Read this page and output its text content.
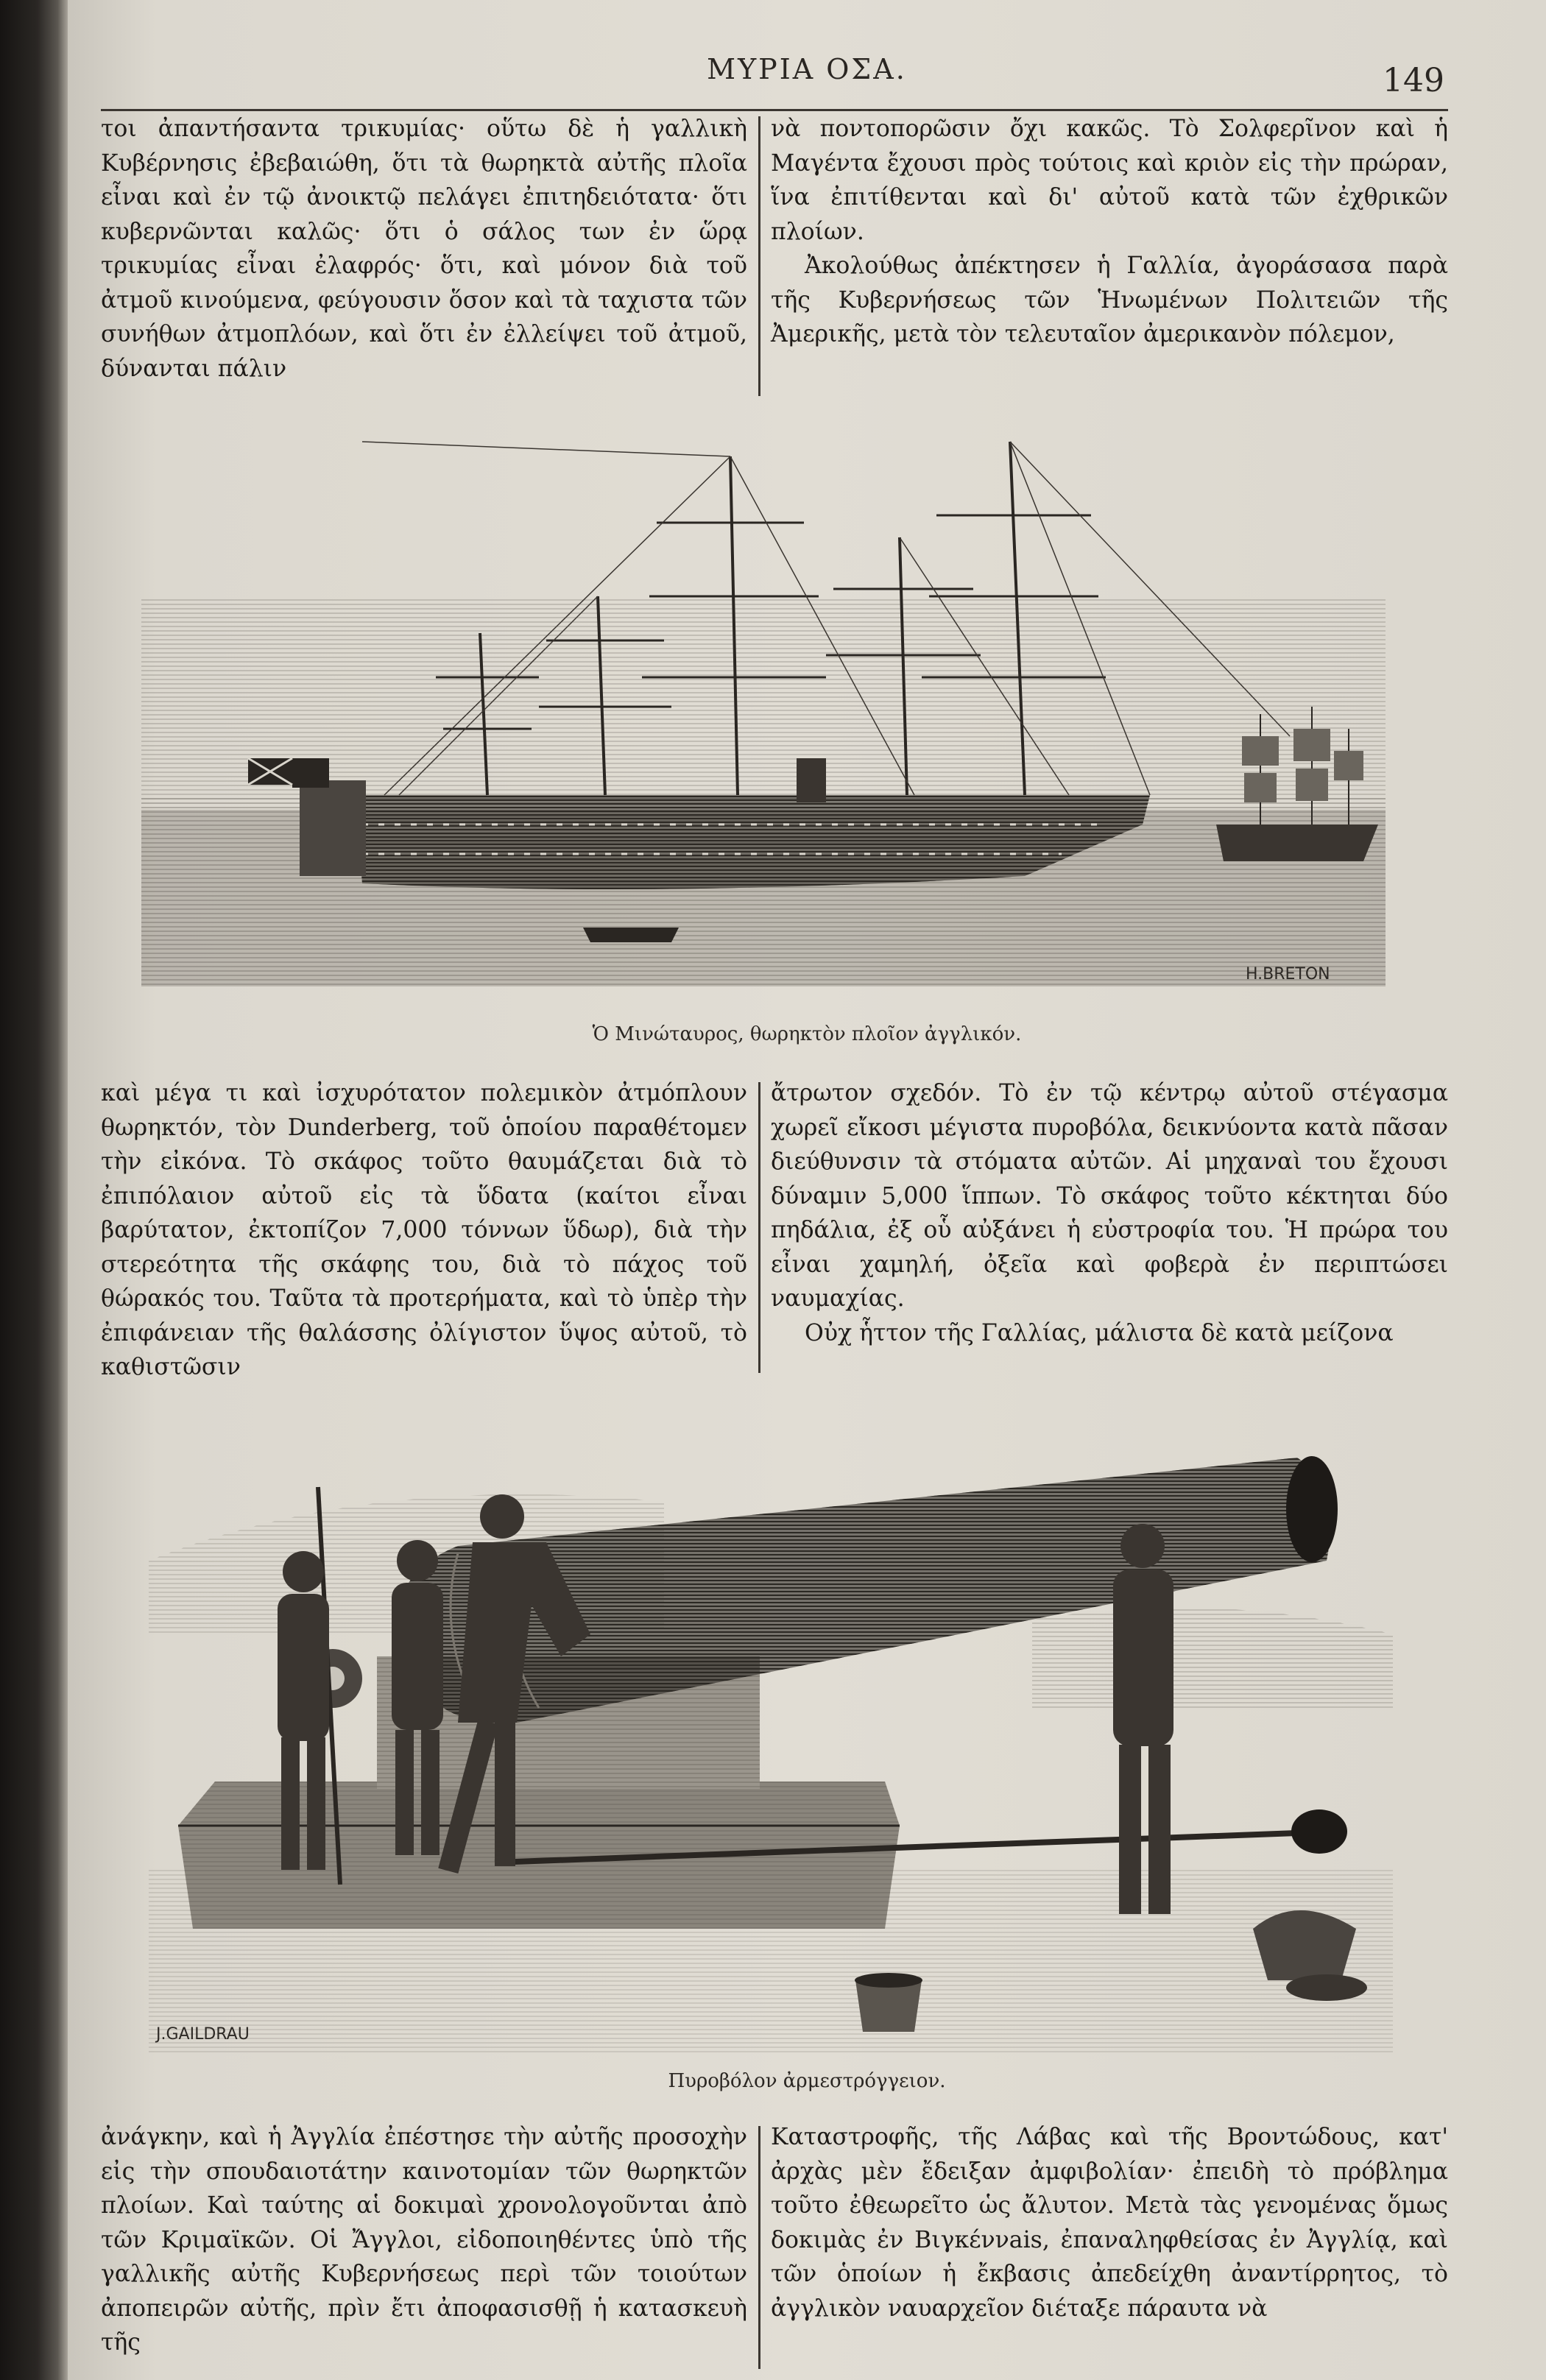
ΜΥΡΙΑ ΟΣΑ.	149

τοι ἀπαντήσαντα τρικυμίας· οὕτω δὲ ἡ γαλλικὴ Κυβέρνησις ἐβεβαιώθη, ὅτι τὰ θωρηκτὰ αὐτῆς πλοῖα εἶναι καὶ ἐν τῷ ἀνοικτῷ πελάγει ἐπιτηδειότατα· ὅτι κυβερνῶνται καλῶς· ὅτι ὁ σάλος των ἐν ὥρᾳ τρικυμίας εἶναι ἐλαφρός· ὅτι, καὶ μόνον διὰ τοῦ ἀτμοῦ κινούμενα, φεύγουσιν ὅσον καὶ τὰ ταχιστα τῶν συνήθων ἀτμοπλόων, καὶ ὅτι ἐν ἐλλείψει τοῦ ἀτμοῦ, δύνανται πάλιν

νὰ ποντοπορῶσιν ὄχι κακῶς. Τὸ Σολφερῖνον καὶ ἡ Μαγέντα ἔχουσι πρὸς τούτοις καὶ κριὸν εἰς τὴν πρώραν, ἵνα ἐπιτίθενται καὶ δι' αὐτοῦ κατὰ τῶν ἐχθρικῶν πλοίων.

Ἀκολούθως ἀπέκτησεν ἡ Γαλλία, ἀγοράσασα παρὰ τῆς Κυβερνήσεως τῶν Ἡνωμένων Πολιτειῶν τῆς Ἀμερικῆς, μετὰ τὸν τελευταῖον ἀμερικανὸν πόλεμον,

H.BRETON
Ὁ Μινώταυρος, θωρηκτὸν πλοῖον ἀγγλικόν.

καὶ μέγα τι καὶ ἰσχυρότατον πολεμικὸν ἀτμόπλουν θωρηκτόν, τὸν Dunderberg, τοῦ ὁποίου παραθέτομεν τὴν εἰκόνα. Τὸ σκάφος τοῦτο θαυμάζεται διὰ τὸ ἐπιπόλαιον αὐτοῦ εἰς τὰ ὕδατα (καίτοι εἶναι βαρύτατον, ἐκτοπίζον 7,000 τόννων ὕδωρ), διὰ τὴν στερεότητα τῆς σκάφης του, διὰ τὸ πάχος τοῦ θώρακός του. Ταῦτα τὰ προτερήματα, καὶ τὸ ὑπὲρ τὴν ἐπιφάνειαν τῆς θαλάσσης ὀλίγιστον ὕψος αὐτοῦ, τὸ καθιστῶσιν

ἄτρωτον σχεδόν. Τὸ ἐν τῷ κέντρῳ αὐτοῦ στέγασμα χωρεῖ εἴκοσι μέγιστα πυροβόλα, δεικνύοντα κατὰ πᾶσαν διεύθυνσιν τὰ στόματα αὐτῶν. Αἱ μηχαναὶ του ἔχουσι δύναμιν 5,000 ἵππων. Τὸ σκάφος τοῦτο κέκτηται δύο πηδάλια, ἐξ οὗ αὐξάνει ἡ εὐστροφία του. Ἡ πρώρα του εἶναι χαμηλή, ὀξεῖα καὶ φοβερὰ ἐν περιπτώσει ναυμαχίας.

Οὐχ ἧττον τῆς Γαλλίας, μάλιστα δὲ κατὰ μείζονα

J.GAILDRAU
Πυροβόλον ἀρμεστρόγγειον.

ἀνάγκην, καὶ ἡ Ἀγγλία ἐπέστησε τὴν αὐτῆς προσοχὴν εἰς τὴν σπουδαιοτάτην καινοτομίαν τῶν θωρηκτῶν πλοίων. Καὶ ταύτης αἱ δοκιμαὶ χρονολογοῦνται ἀπὸ τῶν Κριμαϊκῶν. Οἱ Ἄγγλοι, εἰδοποιηθέντες ὑπὸ τῆς γαλλικῆς αὐτῆς Κυβερνήσεως περὶ τῶν τοιούτων ἀποπειρῶν αὐτῆς, πρὶν ἔτι ἀποφασισθῇ ἡ κατασκευὴ τῆς

Καταστροφῆς, τῆς Λάβας καὶ τῆς Βροντώδους, κατ' ἀρχὰς μὲν ἔδειξαν ἀμφιβολίαν· ἐπειδὴ τὸ πρόβλημα τοῦτο ἐθεωρεῖτο ὡς ἄλυτον. Μετὰ τὰς γενομένας ὅμως δοκιμὰς ἐν Βιγκέννais, ἐπαναληφθείσας ἐν Ἀγγλίᾳ, καὶ τῶν ὁποίων ἡ ἔκβασις ἀπεδείχθη ἀναντίρρητος, τὸ ἀγγλικὸν ναυαρχεῖον διέταξε πάραυτα νὰ
